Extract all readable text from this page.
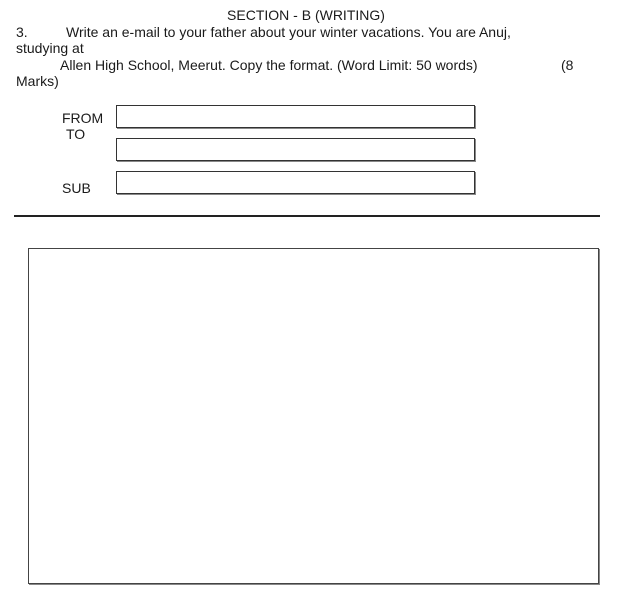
SECTION - B (WRITING)
3.	Write an e-mail to your father about your winter vacations. You are Anuj,
studying at
Allen High School, Meerut. Copy the format. (Word Limit: 50 words)	(8
Marks)
FROM
TO
SUB
